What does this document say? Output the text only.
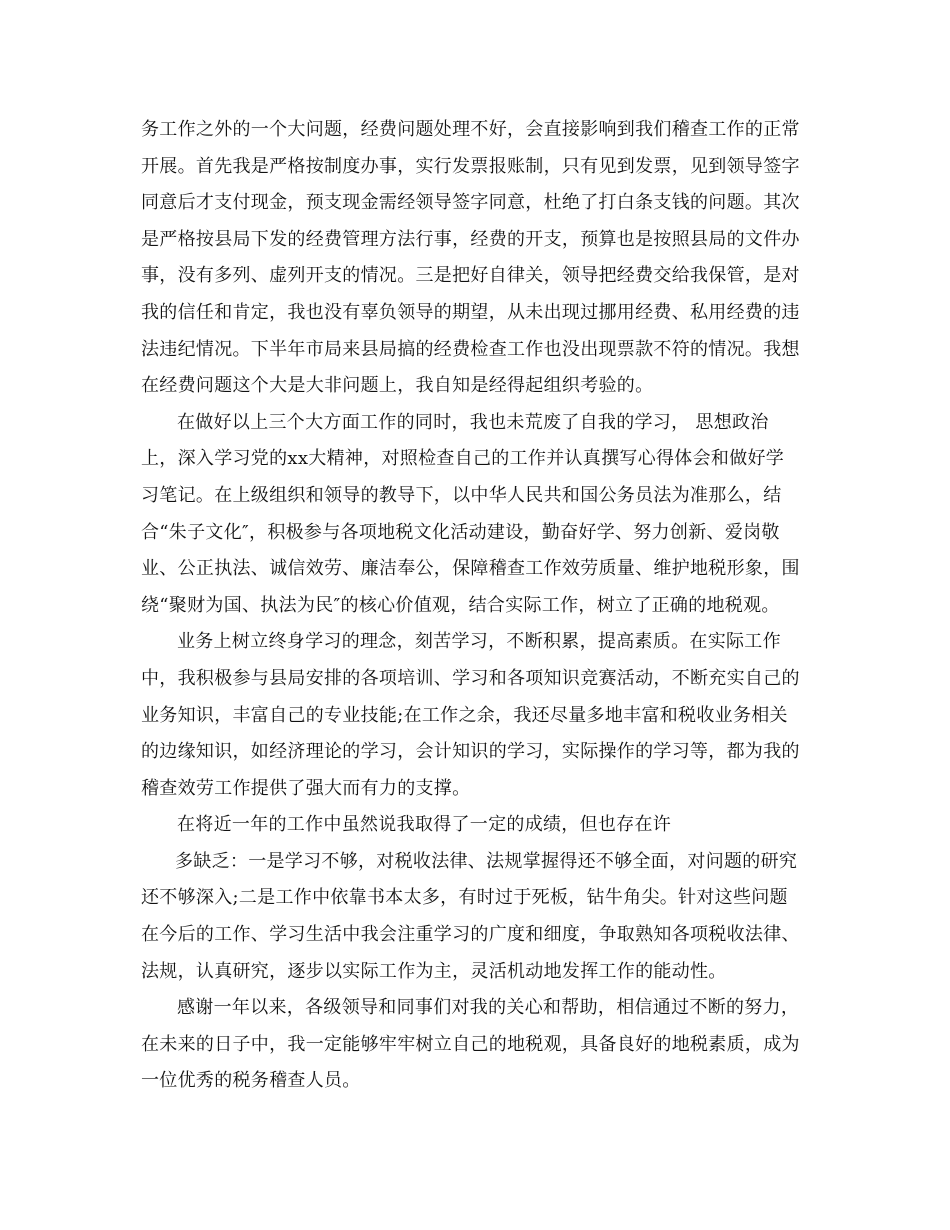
务工作之外的一个大问题，经费问题处理不好，会直接影响到我们稽查工作的正常
开展。首先我是严格按制度办事，实行发票报账制，只有见到发票，见到领导签字
同意后才支付现金，预支现金需经领导签字同意，杜绝了打白条支钱的问题。其次
是严格按县局下发的经费管理方法行事，经费的开支，预算也是按照县局的文件办
事，没有多列、虚列开支的情况。三是把好自律关，领导把经费交给我保管，是对
我的信任和肯定，我也没有辜负领导的期望，从未出现过挪用经费、私用经费的违
法违纪情况。下半年市局来县局搞的经费检查工作也没出现票款不符的情况。我想
在经费问题这个大是大非问题上，我自知是经得起组织考验的。
在做好以上三个大方面工作的同时，我也未荒废了自我的学习， 思想政治
上，深入学习党的xx大精神，对照检查自己的工作并认真撰写心得体会和做好学
习笔记。在上级组织和领导的教导下，以中华人民共和国公务员法为准那么，结
合“朱子文化″，积极参与各项地税文化活动建设，勤奋好学、努力创新、爱岗敬
业、公正执法、诚信效劳、廉洁奉公，保障稽查工作效劳质量、维护地税形象，围
绕“聚财为国、执法为民″的核心价值观，结合实际工作，树立了正确的地税观。
业务上树立终身学习的理念，刻苦学习，不断积累，提高素质。在实际工作
中，我积极参与县局安排的各项培训、学习和各项知识竞赛活动，不断充实自己的
业务知识，丰富自己的专业技能;在工作之余，我还尽量多地丰富和税收业务相关
的边缘知识，如经济理论的学习，会计知识的学习，实际操作的学习等，都为我的
稽查效劳工作提供了强大而有力的支撑。
在将近一年的工作中虽然说我取得了一定的成绩，但也存在许
多缺乏：一是学习不够，对税收法律、法规掌握得还不够全面，对问题的研究
还不够深入;二是工作中依靠书本太多，有时过于死板，钻牛角尖。针对这些问题
在今后的工作、学习生活中我会注重学习的广度和细度，争取熟知各项税收法律、
法规，认真研究，逐步以实际工作为主，灵活机动地发挥工作的能动性。
感谢一年以来，各级领导和同事们对我的关心和帮助，相信通过不断的努力，
在未来的日子中，我一定能够牢牢树立自己的地税观，具备良好的地税素质，成为
一位优秀的税务稽查人员。
